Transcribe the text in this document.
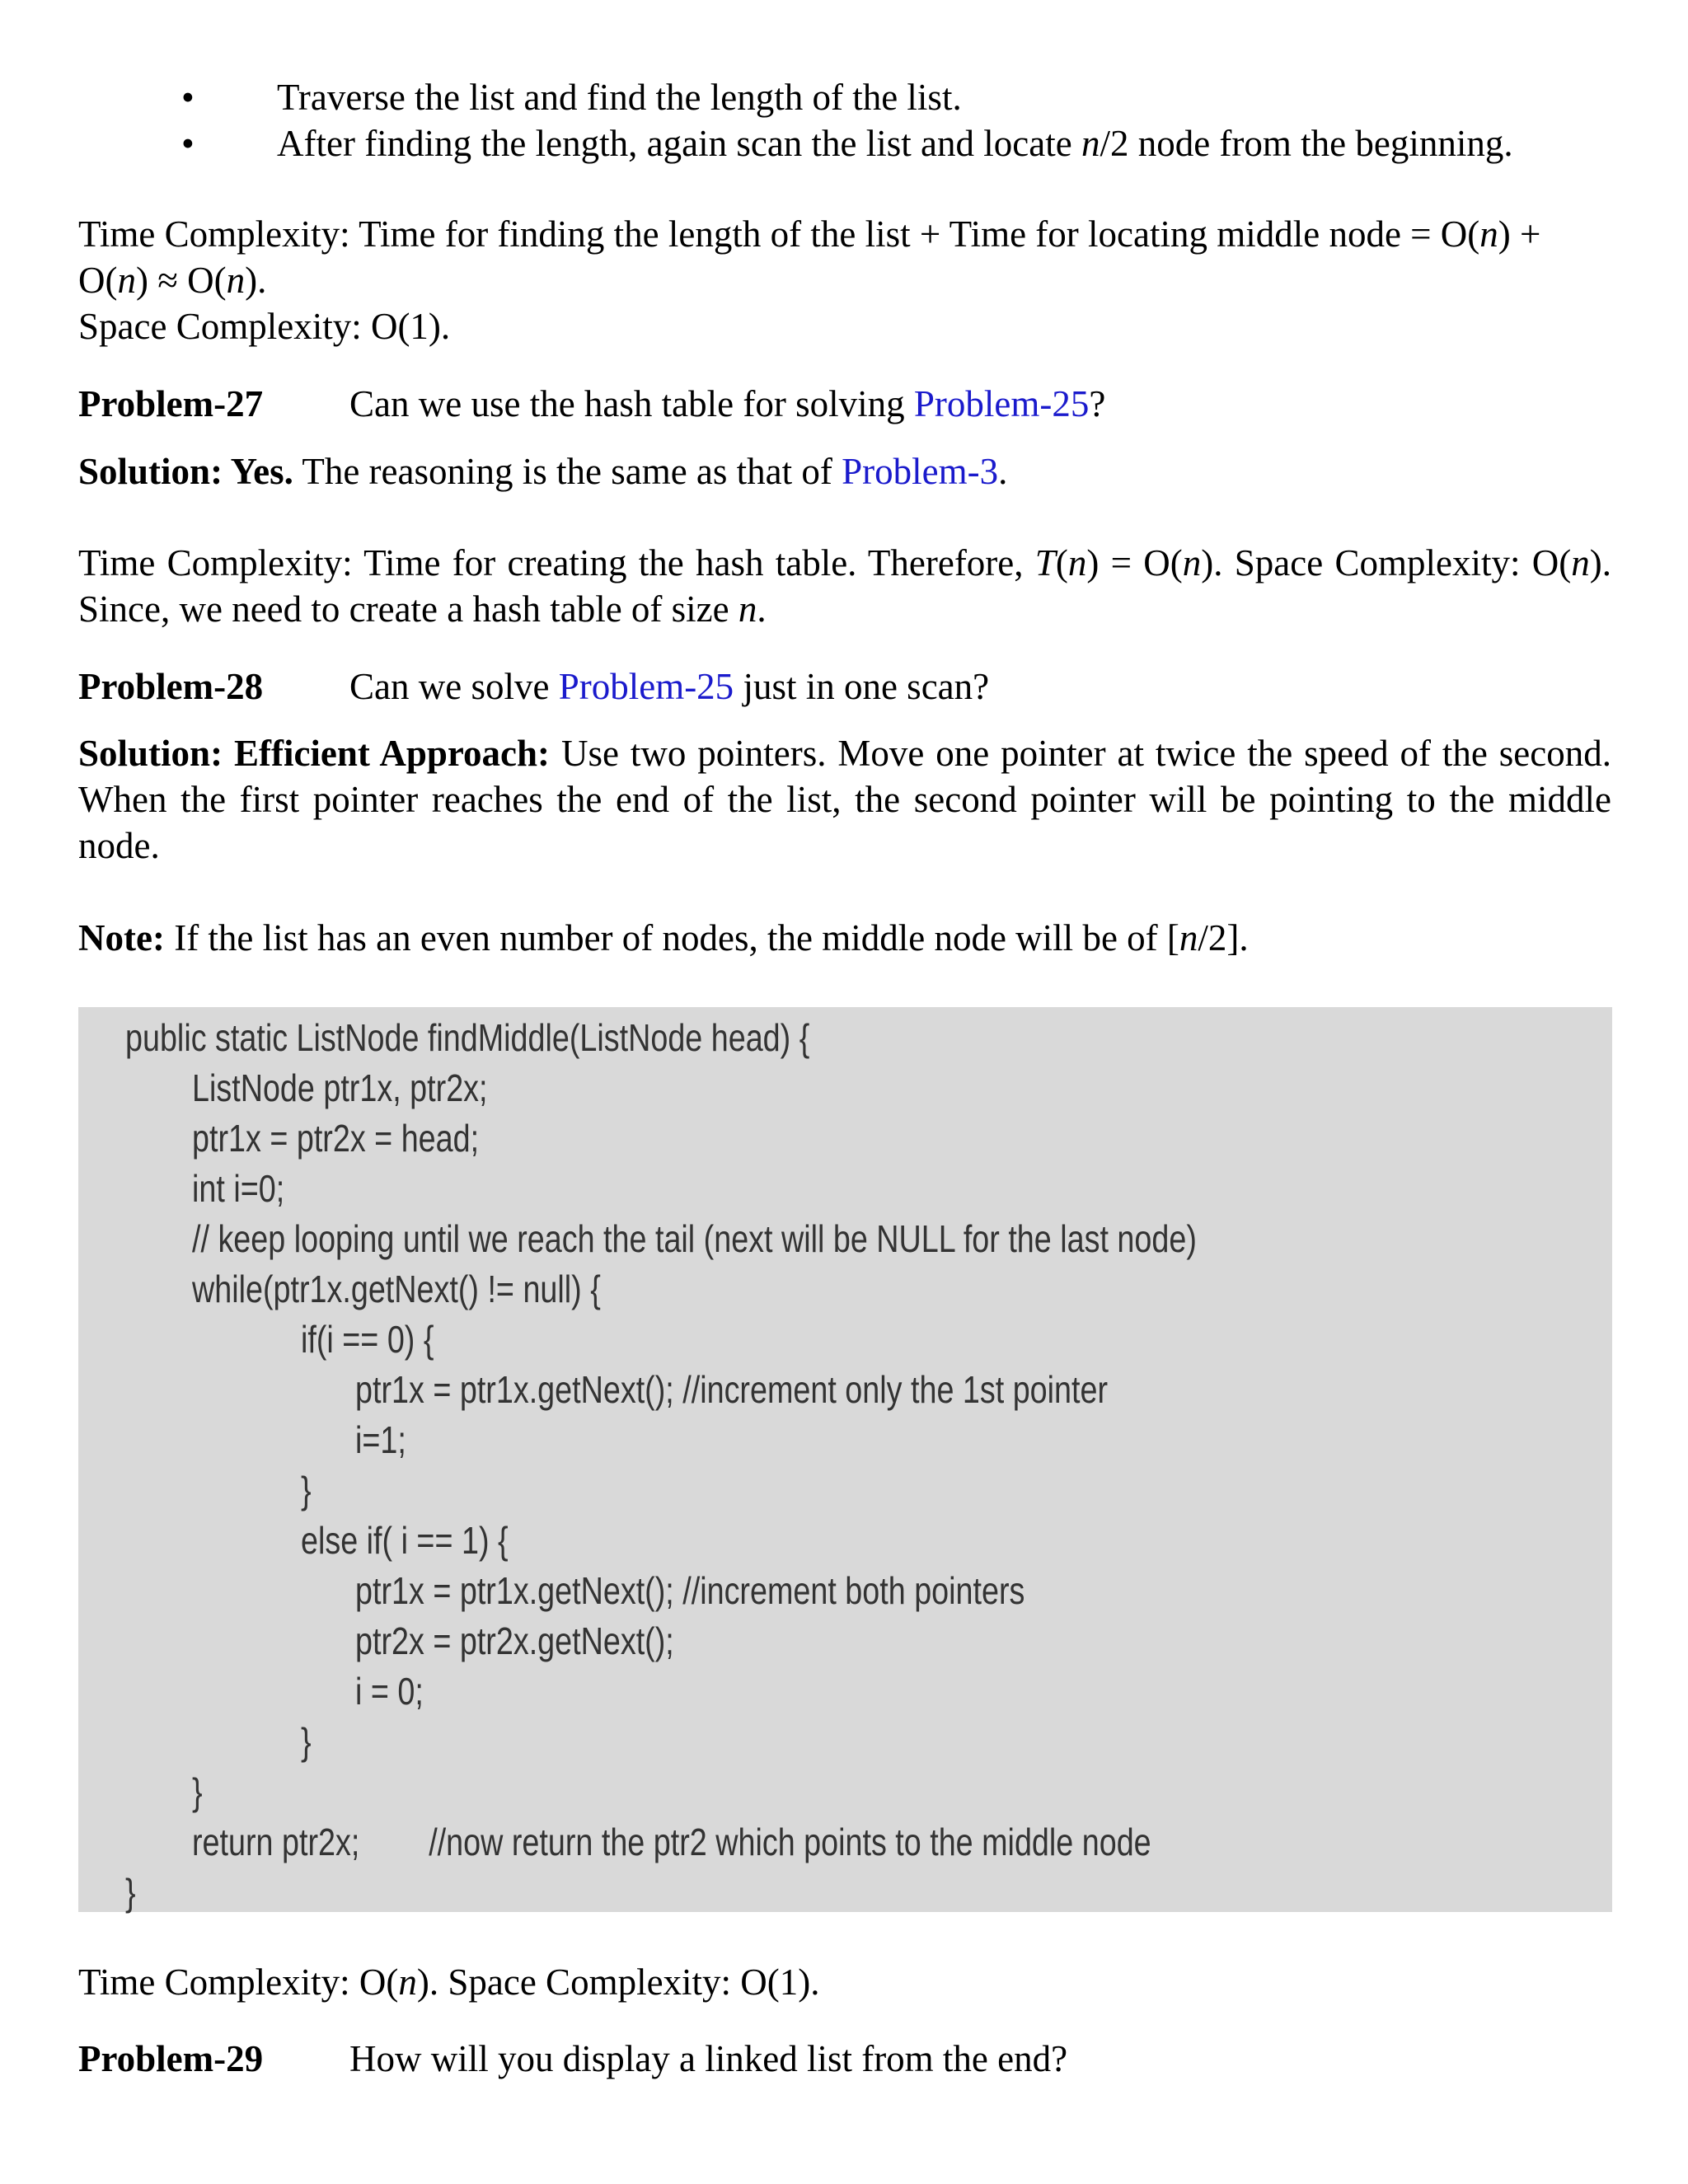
• Traverse the list and find the length of the list.
• After finding the length, again scan the list and locate n/2 node from the beginning.
Time Complexity: Time for finding the length of the list + Time for locating middle node = O(n) +
O(n) ≈ O(n).
Space Complexity: O(1).
Problem-27 Can we use the hash table for solving Problem-25?
Solution: Yes. The reasoning is the same as that of Problem-3.
Time Complexity: Time for creating the hash table. Therefore, T(n) = O(n). Space Complexity: O(n). Since, we need to create a hash table of size n.
Problem-28 Can we solve Problem-25 just in one scan?
Solution: Efficient Approach: Use two pointers. Move one pointer at twice the speed of the second. When the first pointer reaches the end of the list, the second pointer will be pointing to the middle node.
Note: If the list has an even number of nodes, the middle node will be of [n/2].
public static ListNode findMiddle(ListNode head) {
ListNode ptr1x, ptr2x;
ptr1x = ptr2x = head;
int i=0;
// keep looping until we reach the tail (next will be NULL for the last node)
while(ptr1x.getNext() != null) {
if(i == 0) {
ptr1x = ptr1x.getNext(); //increment only the 1st pointer
i=1;
}
else if( i == 1) {
ptr1x = ptr1x.getNext(); //increment both pointers
ptr2x = ptr2x.getNext();
i = 0;
}
}
return ptr2x;        //now return the ptr2 which points to the middle node
}
Time Complexity: O(n). Space Complexity: O(1).
Problem-29 How will you display a linked list from the end?
